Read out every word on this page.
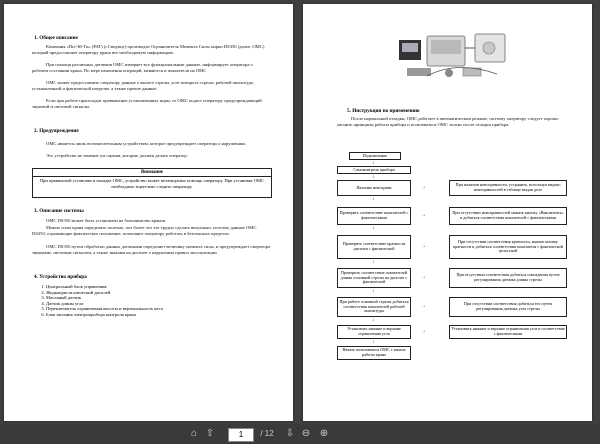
1. Общее описание
Компания «Пи-Эй-Ти» (PAT) (г.Сведжоу) производит Ограничитель Момента Силы марки DS350 (далее, ОМС) который предоставляет оператору крана все необходимую информацию.
При помощи различных датчиков ОМС измеряет все функциональные данные, информирует оператора о рабочем состоянии крана. По мере изменения операций, меняются и показатели на ОМС
ОМС может предоставлять оператору данные о вылете стрелы, угле поворота стрелы, рабочей амплитуде, установленной и фактической нагрузке, а также прочие данные.
Если при работе происходит превышение установленных норм, то ОМС подаст оператору предупреждающий звуковой и световой сигналы.
2. Предупреждение
ОМС является лишь вспомогательным устройством, которое предупреждает оператора о нарушениях.
Это устройство не заменит ум оценки, которые должен делать оператор.
Внимание
При правильной установке и наладке ОМС, устройство может незамедлимо помощь оператору. При установке ОМС необходимо тщательно следить оператору.
3. Описание системы
ОМС DS350 может быть установлен на большинство кранов.
Можно силы крана определять полезно, поэ более что это трудно сделать визуально, поэтому данные ОМС DS350, отражающие фактическое положение, позволяют оператору работать в безопасных пределах.
ОМС DS350 путем обработки данных датчиками определяет величину момента силы, и предупреждает оператора звуковым, световым сигналом, а также знаками на дисплее о нарушении правил эксплуатации.
4. Устройство прибора
1. Центральный блок управления
2. Жидкокристаллический дисплей
3. Масляный датчик
4. Датчик длины угла
5. Переключатель ограничения высоты и вертикальность веса
6. Блок питания электропробора контроля крана
5. Инструкция по применению
После нормальной отладки, ОМС работает в автоматическом режиме, поэтому оператору следует хорошо уяснить принципы работы прибора и пользоваться ОМС только после отладки прибора.
Подключение
↓
Самоконтроль прибора
↓
Наличие неисправн	→
При наличии неисправности, устранить, используя видено неисправностей в таблице выдан деле
↓
Проверить соответствие показателей с фактическими	→
При отсутствии неисправностей нажать кнопку «Выключить» и добиться соответствия показателей с фактическими
↓
Проверить соответствие кратности дисплея с фактической	→
При отсутствии соответствия кратности, нажать кнопку кратности и добиться соответствия показателя с фактической целостной
↓
Проверить соответствие показателей длины основной стрелы на дисплее с фактической
→
При отсутствии соответствия добиться совпадения путем регулирования датчика длины стрелы
↓
При работе основной стрелы добиться соответствия показателей рабочей амплитуды
→
При отсутствии соответствия добиться его путем регулирования датчика угла стрелы
↓
Установить нижние и верхние ограничения угла	→
Установить нижние и верхние ограничения угла в соответствие с фактическими
↓
Начать пользоваться ОМС с начала работы крана
⌂ ⇧	1	/ 12	⇩ ⊖ ⊕
